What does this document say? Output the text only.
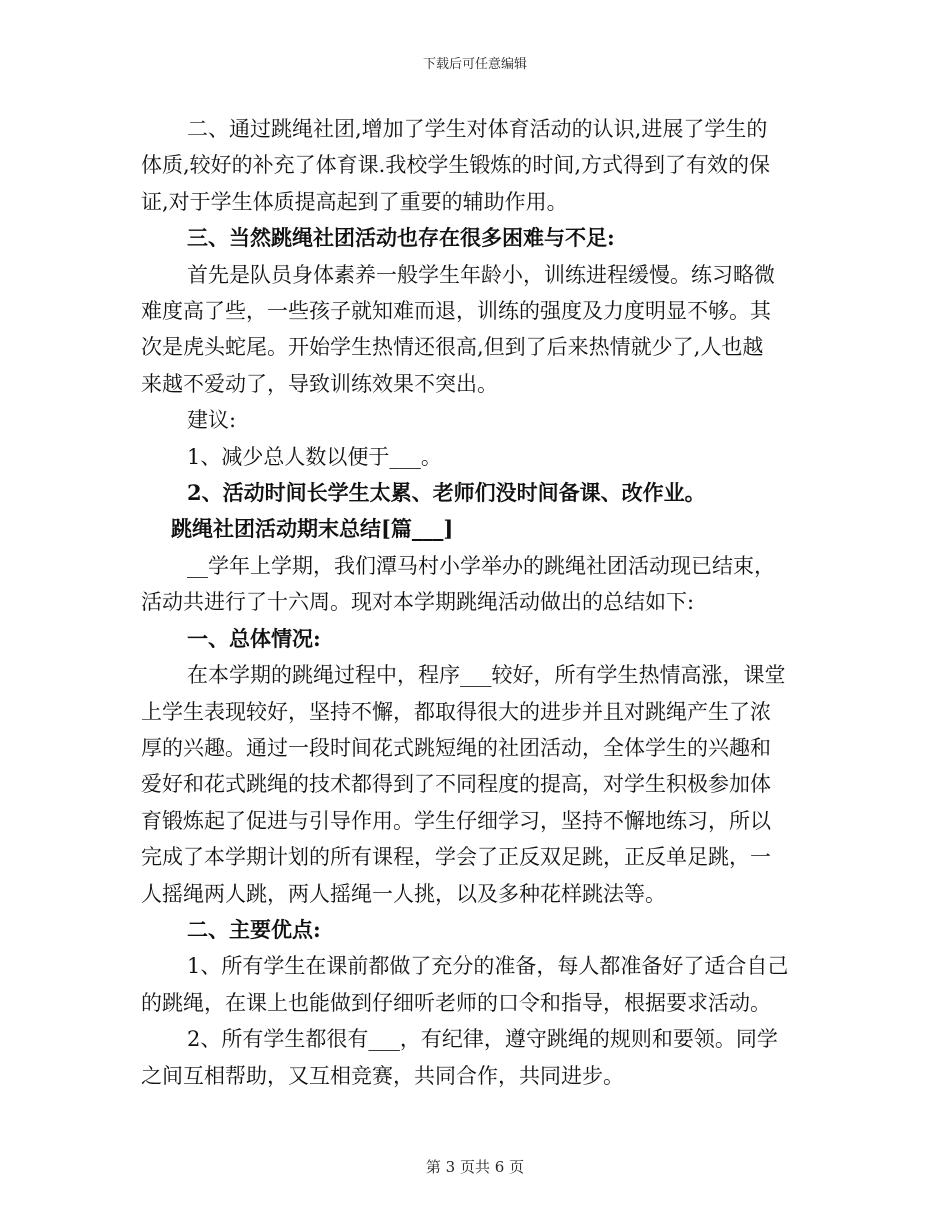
下载后可任意编辑
二、通过跳绳社团,增加了学生对体育活动的认识,进展了学生的
体质,较好的补充了体育课.我校学生锻炼的时间,方式得到了有效的保
证,对于学生体质提高起到了重要的辅助作用。
三、当然跳绳社团活动也存在很多困难与不足:
首先是队员身体素养一般学生年龄小，训练进程缓慢。练习略微
难度高了些，一些孩子就知难而退，训练的强度及力度明显不够。其
次是虎头蛇尾。开始学生热情还很高,但到了后来热情就少了,人也越
来越不爱动了，导致训练效果不突出。
建议:
1、减少总人数以便于___。
2、活动时间长学生太累、老师们没时间备课、改作业。
跳绳社团活动期末总结[篇___]
__学年上学期，我们潭马村小学举办的跳绳社团活动现已结束，
活动共进行了十六周。现对本学期跳绳活动做出的总结如下:
一、总体情况:
在本学期的跳绳过程中，程序___较好，所有学生热情高涨，课堂
上学生表现较好，坚持不懈，都取得很大的进步并且对跳绳产生了浓
厚的兴趣。通过一段时间花式跳短绳的社团活动，全体学生的兴趣和
爱好和花式跳绳的技术都得到了不同程度的提高，对学生积极参加体
育锻炼起了促进与引导作用。学生仔细学习，坚持不懈地练习，所以
完成了本学期计划的所有课程，学会了正反双足跳，正反单足跳，一
人摇绳两人跳，两人摇绳一人挑，以及多种花样跳法等。
二、主要优点:
1、所有学生在课前都做了充分的准备，每人都准备好了适合自己
的跳绳，在课上也能做到仔细听老师的口令和指导，根据要求活动。
2、所有学生都很有___，有纪律，遵守跳绳的规则和要领。同学
之间互相帮助，又互相竞赛，共同合作，共同进步。
第 3 页共 6 页
